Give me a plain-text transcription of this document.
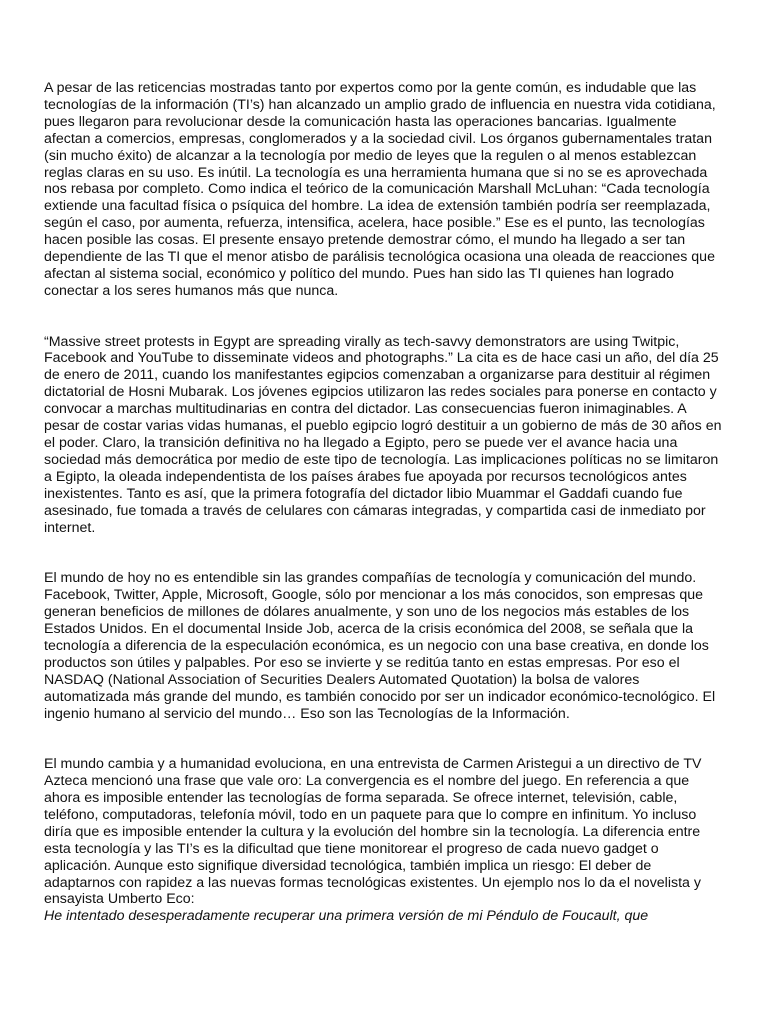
A pesar de las reticencias mostradas tanto por expertos como por la gente común, es indudable que las tecnologías de la información (TI’s) han alcanzado un amplio grado de influencia en nuestra vida cotidiana, pues llegaron para revolucionar desde la comunicación hasta las operaciones bancarias. Igualmente afectan a comercios, empresas, conglomerados y a la sociedad civil. Los órganos gubernamentales tratan (sin mucho éxito) de alcanzar a la tecnología por medio de leyes que la regulen o al menos establezcan reglas claras en su uso. Es inútil. La tecnología es una herramienta humana que si no se es aprovechada nos rebasa por completo. Como indica el teórico de la comunicación Marshall McLuhan: “Cada tecnología extiende una facultad física o psíquica del hombre. La idea de extensión también podría ser reemplazada, según el caso, por aumenta, refuerza, intensifica, acelera, hace posible.” Ese es el punto, las tecnologías hacen posible las cosas. El presente ensayo pretende demostrar cómo, el mundo ha llegado a ser tan dependiente de las TI que el menor atisbo de parálisis tecnológica ocasiona una oleada de reacciones que afectan al sistema social, económico y político del mundo. Pues han sido las TI quienes han logrado conectar a los seres humanos más que nunca.

“Massive street protests in Egypt are spreading virally as tech-savvy demonstrators are using Twitpic, Facebook and YouTube to disseminate videos and photographs.” La cita es de hace casi un año, del día 25 de enero de 2011, cuando los manifestantes egipcios comenzaban a organizarse para destituir al régimen dictatorial de Hosni Mubarak. Los jóvenes egipcios utilizaron las redes sociales para ponerse en contacto y convocar a marchas multitudinarias en contra del dictador. Las consecuencias fueron inimaginables. A pesar de costar varias vidas humanas, el pueblo egipcio logró destituir a un gobierno de más de 30 años en el poder. Claro, la transición definitiva no ha llegado a Egipto, pero se puede ver el avance hacia una sociedad más democrática por medio de este tipo de tecnología. Las implicaciones políticas no se limitaron a Egipto, la oleada independentista de los países árabes fue apoyada por recursos tecnológicos antes inexistentes. Tanto es así, que la primera fotografía del dictador libio Muammar el Gaddafi cuando fue asesinado, fue tomada a través de celulares con cámaras integradas, y compartida casi de inmediato por internet.

El mundo de hoy no es entendible sin las grandes compañías de tecnología y comunicación del mundo. Facebook, Twitter, Apple, Microsoft, Google, sólo por mencionar a los más conocidos, son empresas que generan beneficios de millones de dólares anualmente, y son uno de los negocios más estables de los Estados Unidos. En el documental Inside Job, acerca de la crisis económica del 2008, se señala que la tecnología a diferencia de la especulación económica, es un negocio con una base creativa, en donde los productos son útiles y palpables. Por eso se invierte y se reditúa tanto en estas empresas. Por eso el NASDAQ (National Association of Securities Dealers Automated Quotation) la bolsa de valores automatizada más grande del mundo, es también conocido por ser un indicador económico-tecnológico. El ingenio humano al servicio del mundo… Eso son las Tecnologías de la Información.

El mundo cambia y a humanidad evoluciona, en una entrevista de Carmen Aristegui a un directivo de TV Azteca mencionó una frase que vale oro: La convergencia es el nombre del juego. En referencia a que ahora es imposible entender las tecnologías de forma separada. Se ofrece internet, televisión, cable, teléfono, computadoras, telefonía móvil, todo en un paquete para que lo compre en infinitum. Yo incluso diría que es imposible entender la cultura y la evolución del hombre sin la tecnología. La diferencia entre esta tecnología y las TI’s es la dificultad que tiene monitorear el progreso de cada nuevo gadget o aplicación. Aunque esto signifique diversidad tecnológica, también implica un riesgo: El deber de adaptarnos con rapidez a las nuevas formas tecnológicas existentes. Un ejemplo nos lo da el novelista y ensayista Umberto Eco:
He intentado desesperadamente recuperar una primera versión de mi Péndulo de Foucault, que
